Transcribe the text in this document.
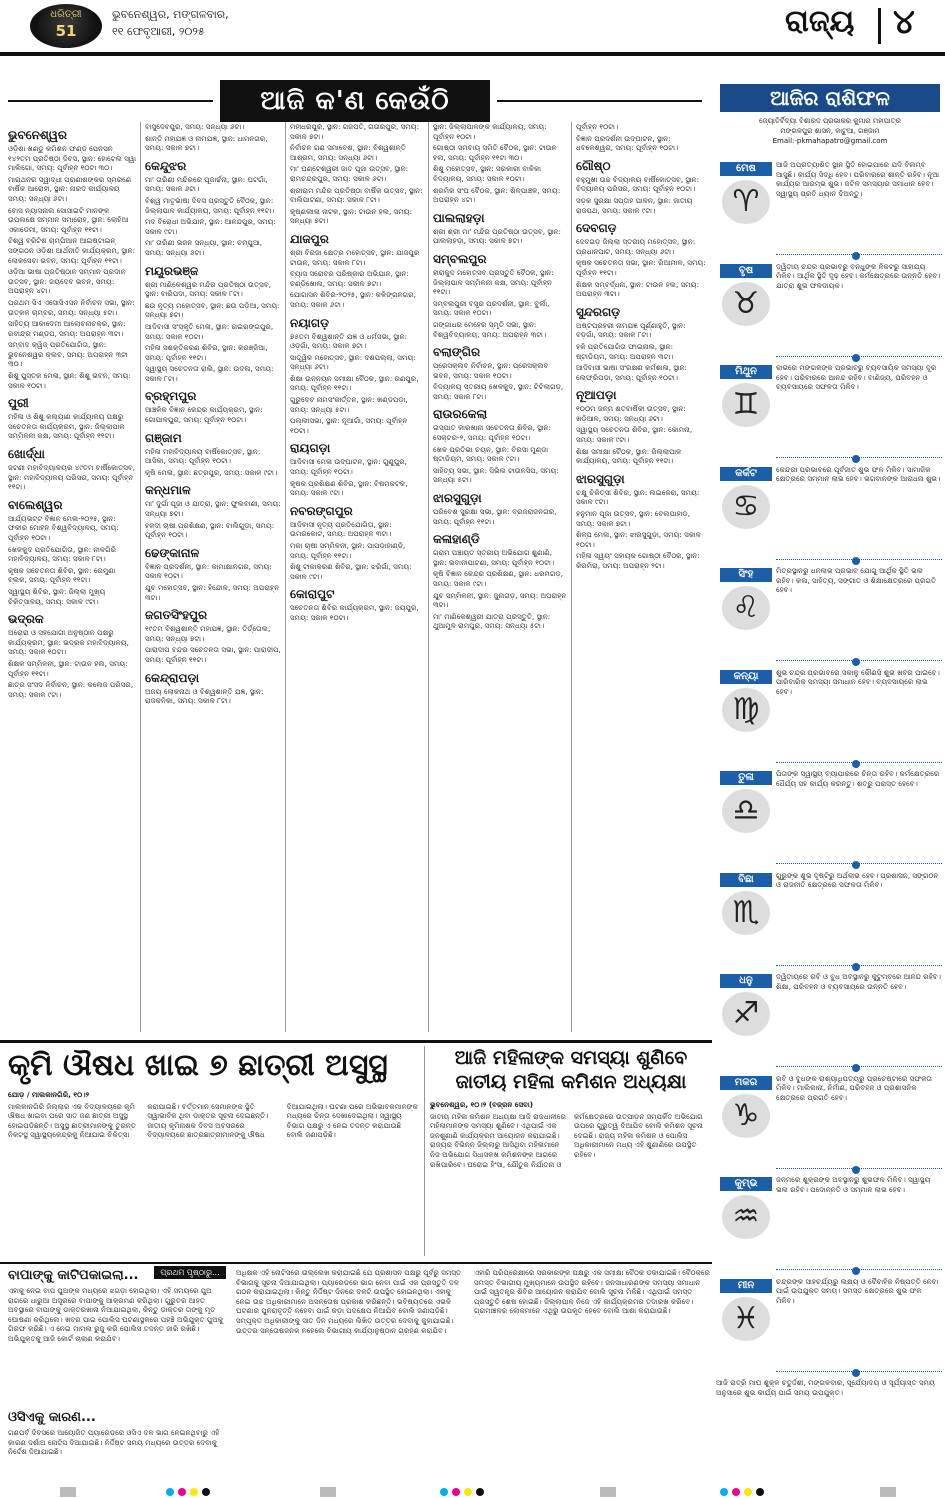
ଧରିତ୍ରୀ
51
ଭୁବନେଶ୍ୱର, ମଙ୍ଗଳବାର,
୧୧ ଫେବୃଆରୀ, ୨୦୨୫	ରାଜ୍ୟ ୪
ଆଜି କ'ଣ କେଉଁଠି
ଭୁବନେଶ୍ୱର

ଓଡ଼ିଶା ଖଣ୍ଡୁ କମିଶନ ଫଣ୍ଡ ପେନସନ ୧୪୨ତମ ପ୍ରତିଷ୍ଠା ଦିବସ, ସ୍ଥାନ: ହୋଟେଲ ସ୍ୱା ମାଲିଗୋ, ସମୟ: ପୂର୍ବାହ୍ନ ୧୦ଟା ୩୦।

ମାରାଥନର ସ୍ୱାଦ୍ଧୀ ପ୍ରାଣୀଶଙ୍କର ସ୍ମରଣେ ବାର୍ଷିକ ଆରୋହୀ, ସ୍ଥାନ: ନାରଦ କାର୍ଯ୍ୟାଳୟ ସମୟ: ସନ୍ଧ୍ୟା ୬ଟା।

ବୋସ ନ୍ୟାସନାଲ ସୋସାଇଟି ମାନଙ୍କ ଉପଲକ୍ଷେ ସମ୍ମାନ ସମାରୋହ, ସ୍ଥାନ: ଲୋହିଆ ଏକାଡେମୀ, ସମୟ: ପୂର୍ବାହ୍ନ ୧୧ଟା।

ବିଶ୍ୱ ବ୍ରିଟିଶ ଚାମ୍ପିଆନ ଆଇଷ୍ଟାଇନ୍ ସଙ୍ଗଠନ ଓଡ଼ିଶା ଆର୍ଥନୀତି କାର୍ଯ୍ୟକ୍ରମ, ସ୍ଥାନ: ଲୋକସେବା ଭବନ, ସମୟ: ପୂର୍ବାହ୍ନ ୧୧ଟା।

ଓଡ଼ିଆ ଭାଷା ପ୍ରତିଷ୍ଠାନ ସମ୍ମାନ ପ୍ରଦାନ ଉତ୍ସବ, ସ୍ଥାନ: ଜୟଦେବ ଭବନ, ସମୟ: ଅପରାହ୍ନ ୪ଟା।

ପ୍ରଥମ ସିଏ ଏସୋସିଏସନ ନିର୍ବାଚନ ସଭା, ସ୍ଥାନ: ଉତ୍କଳ ଚାମ୍ବର, ସମୟ: ସନ୍ଧ୍ୟା ୫ଟା।

ସାହିତ୍ୟ ଆକାଦେମୀ ଆଲୋଚନାଚକ୍ର, ସ୍ଥାନ: ରବୀନ୍ଦ୍ର ମଣ୍ଡପ, ସମୟ: ଅପରାହ୍ନ ୩ଟା।

ସମ୍ବାଦ କ୍ୱିଜ୍ ପ୍ରତିଯୋଗିତା, ସ୍ଥାନ: ଭୁବନେଶ୍ୱର କ୍ଲବ, ସମୟ: ଅପରାହ୍ନ ୩ଟା ୩୦।

ଶିଶୁ ପୁସ୍ତକ ମେଳା, ସ୍ଥାନ: ଶିଶୁ ଭବନ, ସମୟ: ସକାଳ ୧୦ଟା।

ପୁରୀ

ମହିଳା ଓ ଶିଶୁ କଲ୍ୟାଣ କାର୍ଯ୍ୟାଳୟ ପକ୍ଷରୁ ସଚେତନତା କାର୍ଯ୍ୟକ୍ରମ, ସ୍ଥାନ: ଜିଲ୍ଲାପାଳ ସମ୍ମିଳନୀ କକ୍ଷ, ସମୟ: ପୂର୍ବାହ୍ନ ୧୧ଟା।

ଖୋର୍ଦ୍ଧା

ଜଟଣୀ ମହାବିଦ୍ୟାଳୟର ୪୯ତମ ବାର୍ଷିକୋତ୍ସବ, ସ୍ଥାନ: ମହାବିଦ୍ୟାଳୟ ପରିସର, ସମୟ: ପୂର୍ବାହ୍ନ ୧୧ଟା।

ବାଲେଶ୍ୱର

ଆର୍ଯ୍ୟଭଟ୍ଟ ବିଜ୍ଞାନ ମେଳା-୨୦୨୫, ସ୍ଥାନ: ଫକୀର ମୋହନ ବିଶ୍ୱବିଦ୍ୟାଳୟ, ସମୟ: ପୂର୍ବାହ୍ନ ୧୦ଟା।

ଖେଳକୁଦ ପ୍ରତିଯୋଗିତା, ସ୍ଥାନ: ନୀଳଗିରି ମହାବିଦ୍ୟାଳୟ, ସମୟ: ସକାଳ ୮ଟା।

କୃଷକ ସଚେତନତା ଶିବିର, ସ୍ଥାନ: ରେମୁଣା ବ୍ଲକ, ସମୟ: ପୂର୍ବାହ୍ନ ୧୧ଟା।

ସ୍ୱାସ୍ଥ୍ୟ ଶିବିର, ସ୍ଥାନ: ଜିଲ୍ଲା ମୁଖ୍ୟ ଚିକିତ୍ସାଳୟ, ସମୟ: ସକାଳ ୯ଟା।

ଭଦ୍ରକ

ଅରୋରା ଓ ସହଯୋଗୀ ଅନୁଷ୍ଠାନ ପକ୍ଷରୁ କାର୍ଯ୍ୟକ୍ରମ, ସ୍ଥାନ: ଭଦ୍ରକ ମହାବିଦ୍ୟାଳୟ, ସମୟ: ସକାଳ ୧୦ଟା।

ଶିକ୍ଷକ ସମ୍ମିଳନୀ, ସ୍ଥାନ: ଟାଉନ ହଲ, ସମୟ: ପୂର୍ବାହ୍ନ ୧୧ଟା।

ଛାତ୍ର ସଂସଦ ନିର୍ବାଚନ, ସ୍ଥାନ: କଲେଜ ପରିସର, ସମୟ: ସକାଳ ୯ଟା।

ବାସୁଦେବପୁର, ସମୟ: ସନ୍ଧ୍ୟା ୬ଟା।

ଶାନ୍ତି ମହାଯଜ୍ଞ ଓ ନାମଯଜ୍ଞ, ସ୍ଥାନ: ଧାମନଗର, ସମୟ: ସକାଳ ୭ଟା।

କେନ୍ଦୁଝର

ମା' ତାରିଣୀ ମନ୍ଦିରରେ ପୂଜାର୍ଚ୍ଚନା, ସ୍ଥାନ: ଘଟଗାଁ, ସମୟ: ସକାଳ ୬ଟା।

ବିଶ୍ୱ ମାତୃଭାଷା ଦିବସ ପ୍ରସ୍ତୁତି ବୈଠକ, ସ୍ଥାନ: ଜିଲ୍ଲାପାଳ କାର୍ଯ୍ୟାଳୟ, ସମୟ: ପୂର୍ବାହ୍ନ ୧୧ଟା।

ମଦ ବିରୋଧୀ ଅଭିଯାନ, ସ୍ଥାନ: ଆନନ୍ଦପୁର, ସମୟ: ସକାଳ ୯ଟା।

ମା' ତାରିଣୀ ଭଜନ ସନ୍ଧ୍ୟା, ସ୍ଥାନ: ଚମ୍ପୁଆ, ସମୟ: ସନ୍ଧ୍ୟା ୬ଟା।

ମୟୂରଭଞ୍ଜ

ଶ୍ରୀ ମାଣିକେଶ୍ୱର ମନ୍ଦିର ପ୍ରତିଷ୍ଠା ଉତ୍ସବ, ସ୍ଥାନ: ବାରିପଦା, ସମୟ: ସକାଳ ୮ଟା।

ଛଉ ନୃତ୍ୟ ମହୋତ୍ସବ, ସ୍ଥାନ: ଛଉ ପଡ଼ିଆ, ସମୟ: ସନ୍ଧ୍ୟା ୭ଟା।

ଆଦିବାସୀ ସଂସ୍କୃତି ମେଳା, ସ୍ଥାନ: ରାଇରଙ୍ଗପୁର, ସମୟ: ସକାଳ ୧୦ଟା।

ମହିଳା ସଶକ୍ତିକରଣ ଶିବିର, ସ୍ଥାନ: କରଞ୍ଜିଆ, ସମୟ: ପୂର୍ବାହ୍ନ ୧୧ଟା।

ସ୍ୱାସ୍ଥ୍ୟ ସଚେତନତା ରାଲି, ସ୍ଥାନ: ଉଦଳା, ସମୟ: ସକାଳ ୮ଟା।

ବ୍ରହ୍ମପୁର

ଆଞ୍ଚଳିକ ବିଜ୍ଞାନ କେନ୍ଦ୍ର କାର୍ଯ୍ୟକ୍ରମ, ସ୍ଥାନ: ଗୋପାଳପୁର, ସମୟ: ପୂର୍ବାହ୍ନ ୧୦ଟା।

ଗଞ୍ଜାମ

ମହିଳା ମହାବିଦ୍ୟାଳୟ ବାର୍ଷିକୋତ୍ସବ, ସ୍ଥାନ: ଆସିକା, ସମୟ: ପୂର୍ବାହ୍ନ ୧୦ଟା।

କୃଷି ମେଳା, ସ୍ଥାନ: ଛତ୍ରପୁର, ସମୟ: ସକାଳ ୯ଟା।

କନ୍ଧମାଳ

ମା' ଦୁର୍ଗା ପୂଜା ଓ ଯାତ୍ରା, ସ୍ଥାନ: ଫୁଲବାଣୀ, ସମୟ: ସନ୍ଧ୍ୟା ୭ଟା।

ହଳଦୀ ଚାଷୀ ପ୍ରଶିକ୍ଷଣ, ସ୍ଥାନ: ବାଲିଗୁଡ଼ା, ସମୟ: ପୂର୍ବାହ୍ନ ୧୦ଟା।

ଢେଙ୍କାନାଳ

ବିଜ୍ଞାନ ପ୍ରଦର୍ଶନୀ, ସ୍ଥାନ: କାମାକ୍ଷାନଗର, ସମୟ: ସକାଳ ୧୦ଟା।

ଯୁବ ମହୋତ୍ସବ, ସ୍ଥାନ: ହିନ୍ଦୋଳ, ସମୟ: ଅପରାହ୍ନ ୩ଟା।

ଜଗତସିଂହପୁର

୧୯ତମ ବିଶ୍ୱଶାନ୍ତି ମହାଯଜ୍ଞ, ସ୍ଥାନ: ତିର୍ତ୍ତୋଲ, ସମୟ: ସନ୍ଧ୍ୟା ୭ଟା।

ପାରାଦୀପ ବନ୍ଦର ସଚେତନତା ସଭା, ସ୍ଥାନ: ପାରାଦୀପ, ସମୟ: ପୂର୍ବାହ୍ନ ୧୧ଟା।

କେନ୍ଦ୍ରାପଡ଼ା

ଅଜୟ ଲୋକନାଥ ଓ ବିଶ୍ୱଶାନ୍ତି ଯଜ୍ଞ, ସ୍ଥାନ: ରାଜକନିକା, ସମୟ: ସକାଳ ୮ଟା।

ମହୀଧରପୁର, ସ୍ଥାନ: ଗଜପତି, ଗଉରପୁର, ସମୟ: ସକାଳ ୭ଟା।

ନିର୍ବାଚନ ଗଣ ସମାବେଶ, ସ୍ଥାନ: ବିଶ୍ୱଶାନ୍ତି ଆଶ୍ରମ, ସମୟ: ସନ୍ଧ୍ୟା ୬ଟା।

ମା' ଘଣ୍ଟେଶ୍ୱରୀ ଜାତ ପୂଜା ଉତ୍ସବ, ସ୍ଥାନ: ରାମଚନ୍ଦ୍ରପୁର, ସମୟ: ସକାଳ ୬ଟା।

ଶ୍ରୀରାମ ମନ୍ଦିର ପ୍ରତିଷ୍ଠା ବାର୍ଷିକ ଉତ୍ସବ, ସ୍ଥାନ: ବାଲିପାଟଣା, ସମୟ: ସକାଳ ୮ଟା।

କୃଷ୍ଣଲୀଳା ନାଟକ, ସ୍ଥାନ: ଟାଉନ ହଲ, ସମୟ: ସନ୍ଧ୍ୟା ୭ଟା।

ଯାଜପୁର

ଶ୍ରୀ ବିରଜା କ୍ଷେତ୍ର ମହୋତ୍ସବ, ସ୍ଥାନ: ଯାଜପୁର ଟାଉନ, ସମୟ: ସକାଳ ୮ଟା।

ବ୍ୟାସ ସରୋବର ପରିଷ୍କାର ଅଭିଯାନ, ସ୍ଥାନ: ଚଣ୍ଡିଖୋଲ, ସମୟ: ସକାଳ ୭ଟା।

ଯୋଗାସନ ଶିବିର-୨୦୨୫, ସ୍ଥାନ: କଳିଙ୍ଗନଗର, ସମୟ: ସକାଳ ୬ଟା।

ନୟାଗଡ଼

୭୫ତମ ବିଶ୍ୱଶାନ୍ତି ଯଜ୍ଞ ଓ ଧର୍ମସଭା, ସ୍ଥାନ: ଓଡ଼଼ଗାଁ, ସମୟ: ସକାଳ ୭ଟା।

ସାତ୍ତ୍ୱିକ ମହୋତ୍ସବ, ସ୍ଥାନ: ଦଶପଲ୍ଲା, ସମୟ: ସନ୍ଧ୍ୟା ୬ଟା।

ଶିକ୍ଷା ଉନ୍ନୟନ ସମୀକ୍ଷା ବୈଠକ, ସ୍ଥାନ: ରଣପୁର, ସମୟ: ପୂର୍ବାହ୍ନ ୧୧ଟା।

ଗୁରୁଦେବ ନାମସଂକୀର୍ତ୍ତନ, ସ୍ଥାନ: ଖଣ୍ଡପଡ଼ା, ସମୟ: ସନ୍ଧ୍ୟା ୫ଟା।

ପଲ୍ଲୀସଭା, ସ୍ଥାନ: ନୂଆଗାଁ, ସମୟ: ପୂର୍ବାହ୍ନ ୧୦ଟା।

ରାୟଗଡ଼ା

ଆଦିବାସୀ ମେଳା ଉଦ୍‌ଘାଟନ, ସ୍ଥାନ: ଗୁଣୁପୁର, ସମୟ: ପୂର୍ବାହ୍ନ ୧୦ଟା।

କୃଷକ ପ୍ରଶିକ୍ଷଣ ଶିବିର, ସ୍ଥାନ: ବିଷମକଟକ, ସମୟ: ସକାଳ ୯ଟା।

ନବରଙ୍ଗପୁର

ଆଦିବାସୀ ନୃତ୍ୟ ପ୍ରତିଯୋଗିତା, ସ୍ଥାନ: ଉମରକୋଟ, ସମୟ: ଅପରାହ୍ନ ୩ଟା।

ମକା ଚାଷୀ ସମ୍ମିଳନୀ, ସ୍ଥାନ: ପାପଡ଼ାହାଣ୍ଡି, ସମୟ: ପୂର୍ବାହ୍ନ ୧୧ଟା।

ଶିଶୁ ଟୀକାକରଣ ଶିବିର, ସ୍ଥାନ: ଝରିଗାଁ, ସମୟ: ସକାଳ ୯ଟା।

କୋରାପୁଟ

ସଚେତନତା ଶିବିର କାର୍ଯ୍ୟକ୍ରମ, ସ୍ଥାନ: ଜୟପୁର, ସମୟ: ସକାଳ ୧୦ଟା।

ସ୍ଥାନ: ଜିଲ୍ଲାପାଳଙ୍କ କାର୍ଯ୍ୟାଳୟ, ସମୟ: ପୂର୍ବାହ୍ନ ୧୦ଟା।

ଗୋଷ୍ଠୀ ସମବାୟ ସମିତି ବୈଠକ, ସ୍ଥାନ: ଟାଉନ ହଲ, ସମୟ: ପୂର୍ବାହ୍ନ ୧୧ଟା ୩୦।

ଶିଶୁ ମହୋତ୍ସବ, ସ୍ଥାନ: ସରକାରୀ ବାଳିକା ବିଦ୍ୟାଳୟ, ସମୟ: ସକାଳ ୧୦ଟା।

ଶ୍ରମିକ ସଂଘ ବୈଠକ, ସ୍ଥାନ: ଶିଳ୍ପାଞ୍ଚଳ, ସମୟ: ଅପରାହ୍ନ ୪ଟା।

ପାଲଲାହଡ଼ା

ଶ୍ରୀ ଶ୍ରୀ ମା' ମନ୍ଦିର ପ୍ରତିଷ୍ଠା ଉତ୍ସବ, ସ୍ଥାନ: ପାଲଲାହଡ଼ା, ସମୟ: ସକାଳ ୭ଟା।

ସମ୍ବଲପୁର

ହୀରାକୁଦ ମହୋତ୍ସବ ପ୍ରସ୍ତୁତି ବୈଠକ, ସ୍ଥାନ: ଜିଲ୍ଲାପାଳ ସମ୍ମିଳନୀ କକ୍ଷ, ସମୟ: ପୂର୍ବାହ୍ନ ୧୧ଟା।

ସମ୍ବଲପୁରୀ ବସ୍ତ୍ର ପ୍ରଦର୍ଶନୀ, ସ୍ଥାନ: ବୁର୍ଲା, ସମୟ: ସକାଳ ୧୦ଟା।

ଗଙ୍ଗାଧର ମେହେର ସ୍ମୃତି ସଭା, ସ୍ଥାନ: ବିଶ୍ୱବିଦ୍ୟାଳୟ, ସମୟ: ଅପରାହ୍ନ ୩ଟା।

ବଲାଙ୍ଗିର

ପ୍ରେସକ୍ଲବ ନିର୍ବାଚନ, ସ୍ଥାନ: ପ୍ରେସକ୍ଲବ ଭବନ, ସମୟ: ସକାଳ ୧୦ଟା।

ବିଦ୍ୟାଳୟ ସ୍ତରୀୟ ଖେଳକୁଦ, ସ୍ଥାନ: ଟିଟିଲାଗଡ଼, ସମୟ: ସକାଳ ୮ଟା।

ରାଉରକେଲା

ଇସ୍ପାତ କାରଖାନା ସଚେତନତା ଶିବିର, ସ୍ଥାନ: ସେକ୍ଟର-୨, ସମୟ: ପୂର୍ବାହ୍ନ ୧୦ଟା।

ଖେଳ ପ୍ରତିଭା ଚୟନ, ସ୍ଥାନ: ବିରସା ମୁଣ୍ଡା ଷ୍ଟାଡିୟମ, ସମୟ: ସକାଳ ୯ଟା।

ସାହିତ୍ୟ ସଭା, ସ୍ଥାନ: ସିଭିଲ ଟାଉନସିପ, ସମୟ: ସନ୍ଧ୍ୟା ୫ଟା।

ଝାରସୁଗୁଡ଼ା

ପରିବେଶ ସୁରକ୍ଷା ସଭା, ସ୍ଥାନ: ବ୍ରଜରାଜନଗର, ସମୟ: ପୂର୍ବାହ୍ନ ୧୧ଟା।

କଳାହାଣ୍ଡି

ଗ୍ରାମ ପଞ୍ଚାୟତ ସ୍ତରୀୟ ଅଭିଯୋଗ ଶୁଣାଣି, ସ୍ଥାନ: ଭବାନୀପାଟଣା, ସମୟ: ପୂର୍ବାହ୍ନ ୧୦ଟା।

କୃଷି ବିଜ୍ଞାନ କେନ୍ଦ୍ର ପ୍ରଶିକ୍ଷଣ, ସ୍ଥାନ: ଧରମଗଡ଼, ସମୟ: ସକାଳ ୯ଟା।

ଯୁବ ସମ୍ମିଳନୀ, ସ୍ଥାନ: ଜୁନାଗଡ଼, ସମୟ: ଅପରାହ୍ନ ୩ଟା।

ମା' ମାଣିକେଶ୍ୱରୀ ଯାତ୍ରା ପ୍ରସ୍ତୁତି, ସ୍ଥାନ: ଥୁଆମୁଳ ରାମପୁର, ସମୟ: ସନ୍ଧ୍ୟା ୫ଟା।

ପୂର୍ବାହ୍ନ ୧୦ଟା।

ବିଜ୍ଞାନ ପ୍ରଦର୍ଶନୀ ଉଦ୍‌ଘାଟନ, ସ୍ଥାନ: ଧବଳେଶ୍ୱର, ସମୟ: ପୂର୍ବାହ୍ନ ୧୦ଟା।

ଗୌଷ୍ଠ

ବହୁମୁଖୀ ଉଚ୍ଚ ବିଦ୍ୟାଳୟ ବାର୍ଷିକୋତ୍ସବ, ସ୍ଥାନ: ବିଦ୍ୟାଳୟ ପରିସର, ସମୟ: ପୂର୍ବାହ୍ନ ୧୦ଟା।

ସଡ଼କ ସୁରକ୍ଷା ସପ୍ତାହ ପାଳନ, ସ୍ଥାନ: ଜାତୀୟ ରାଜପଥ, ସମୟ: ସକାଳ ୯ଟା।

ଦେବଗଡ଼

ଦେବଗଡ଼ ଜିଲ୍ଲା ସ୍ତରୀୟ ମହୋତ୍ସବ, ସ୍ଥାନ: ପ୍ରଧାନପାଟ, ସମୟ: ସନ୍ଧ୍ୟା ୬ଟା।

କୃଷକ ସଚେତନତା ସଭା, ସ୍ଥାନ: ରିଆମାଳ, ସମୟ: ପୂର୍ବାହ୍ନ ୧୧ଟା।

ଶିକ୍ଷକ ସମ୍ବର୍ଦ୍ଧନା, ସ୍ଥାନ: ଟାଉନ ହଲ, ସମୟ: ଅପରାହ୍ନ ୩ଟା।

ସୁନ୍ଦରଗଡ଼

ଅଷ୍ଟପ୍ରହରୀ ନାମଯଜ୍ଞ ପୂର୍ଣ୍ଣାହୁତି, ସ୍ଥାନ: ବଡ଼ଗାଁ, ସମୟ: ସକାଳ ୮ଟା।

ହକି ପ୍ରତିଯୋଗିତା ଫାଇନାଲ, ସ୍ଥାନ: ଷ୍ଟାଡିୟମ, ସମୟ: ଅପରାହ୍ନ ୩ଟା।

ଆଦିବାସୀ ଭାଷା ସଂରକ୍ଷଣ କର୍ମଶାଳା, ସ୍ଥାନ: ଲେଫ୍ରିପଡ଼ା, ସମୟ: ପୂର୍ବାହ୍ନ ୧୦ଟା।

ନୂଆପଡ଼ା

୧୦୦ମ ଜନ୍ମ ଶତବାର୍ଷିକୀ ଉତ୍ସବ, ସ୍ଥାନ: ଖଡ଼ିଆଳ, ସମୟ: ସନ୍ଧ୍ୟା ୬ଟା।

ସ୍ୱାସ୍ଥ୍ୟ ସଚେତନତା ଶିବିର, ସ୍ଥାନ: କୋମନା, ସମୟ: ସକାଳ ୯ଟା।

ଶିକ୍ଷା ସମୀକ୍ଷା ବୈଠକ, ସ୍ଥାନ: ଜିଲ୍ଲାପାଳ କାର୍ଯ୍ୟାଳୟ, ସମୟ: ପୂର୍ବାହ୍ନ ୧୧ଟା।

ଝାରସୁଗୁଡ଼ା

ଚକ୍ଷୁ ଚିକିତ୍ସା ଶିବିର, ସ୍ଥାନ: ଲଇକେରା, ସମୟ: ସକାଳ ୯ଟା।

ହନୁମାନ ପୂଜା ଉତ୍ସବ, ସ୍ଥାନ: ବେଲପାହାଡ଼, ସମୟ: ସକାଳ ୭ଟା।

ଶିଳ୍ପ ମେଳା, ସ୍ଥାନ: ଝାରସୁଗୁଡ଼ା, ସମୟ: ସକାଳ ୧୦ଟା।

ମହିଳା ସ୍ୱୟଂ ସହାୟକ ଗୋଷ୍ଠୀ ବୈଠକ, ସ୍ଥାନ: କିରମିରା, ସମୟ: ଅପରାହ୍ନ ୨ଟା।

ଆଜିର ରାଶିଫଳ
ଜ୍ୟୋତିର୍ବିଦ୍ୟା ବିଶାରଦ ପ୍ରଭାକର କୁମାର ମହାପାତ୍ର
ମଙ୍ଗଳପୁର ଶାସନ, କାଟୁଆ, ଗଞ୍ଜାମ
Email:-pkmahapatro@gmail.com
ମେଷ
♈
ଆଜି ଅପ୍ରତ୍ୟାଶିତ ସ୍ଥାନ ସ୍ଥିତି ହୋଇପାରେ ଯଦି ବିଲମ୍ବ ଆସୁଛି। କାର୍ଯ୍ୟ ସିଦ୍ଧି ହେବ। ପରିବାରରେ ଶାନ୍ତି ରହିବ। ନୂଆ କାର୍ଯ୍ୟର ଆରମ୍ଭ ଶୁଭ। ଜଟିଳ ସମସ୍ୟାର ସମାଧାନ ହେବ। ସ୍ୱାସ୍ଥ୍ୟ ପ୍ରତି ଧ୍ୟାନ ଦିଅନ୍ତୁ।
ବୃଷ
♉
ଦ୍ୱିତୀୟ ଚନ୍ଦ୍ର ପ୍ରଭାବରୁ ବନ୍ଧୁଙ୍କ ନିକଟରୁ ସାହାଯ୍ୟ ମିଳିବ। ଆର୍ଥିକ ସ୍ଥିତି ଦୃଢ଼ ହେବ। କର୍ମକ୍ଷେତ୍ରରେ ଉନ୍ନତି ହେବ। ଯାତ୍ରା ଶୁଭ ଫଳଦାୟକ।
ମିଥୁନ
♊
ଲାଭରେ ମଙ୍ଗଳଙ୍କ ପ୍ରଭାବରୁ ବ୍ୟବସାୟିକ ସମସ୍ୟା ଦୂର ହେବ। ପରିବାରରେ ଆନନ୍ଦ ରହିବ। ବାଣିଜ୍ୟ, ପରିବହନ ଓ ବ୍ୟବସାୟରେ ସଫଳତା ମିଳିବ।
କର୍କଟ
♋
କେନ୍ଦ୍ରୀ ପ୍ରଭାବରେ ପୂର୍ବଜାତ ଶୁଭ ଫଳ ମିଳିବ। ସାମାଜିକ କ୍ଷେତ୍ରରେ ସମ୍ମାନ ଲାଭ ହେବ। ଭଗବାନଙ୍କ ଆରାଧନା ଶୁଭ।
ସିଂହ
♌
ମିତ୍ରସ୍ଥାନରୁ ଧନଲାଭ ପ୍ରଭାବ ଯୋଗୁ ଆର୍ଥିକ ସ୍ଥିତି ଭଲ ରହିବ। କଳା, ସାହିତ୍ୟ, ସଙ୍ଗୀତ ଓ ଶିକ୍ଷାକ୍ଷେତ୍ରରେ ପ୍ରଗତି ହେବ।
କନ୍ୟା
♍
ଶୁଭ ଚନ୍ଦ୍ର ପ୍ରଭାବରେ ସକାଳୁ କୌଣସି ଶୁଭ ଖବର ପାଇବେ। ପାରିବାରିକ ସମସ୍ୟା ସମାଧାନ ହେବ। ବ୍ୟବସାୟରେ ଲାଭ ହେବ।
ତୁଳା
♎
ପିତାଙ୍କ ସ୍ୱାସ୍ଥ୍ୟ ବ୍ୟାପାରରେ ଚିନ୍ତା ରହିବ। କର୍ମକ୍ଷେତ୍ରରେ ଧୈର୍ଯ୍ୟ ସହ କାର୍ଯ୍ୟ କରନ୍ତୁ। ଶତ୍ରୁ ପରାସ୍ତ ହେବେ।
ବିଛା
♏
ଗୁରୁଙ୍କ ଶୁଭ ଦୃଷ୍ଟିରୁ ଅର୍ଥଲାଭ ହେବ। ପ୍ରଶାସନ, ସଙ୍ଗଠନ ଓ ରାଜନୀତି କ୍ଷେତ୍ରରେ ସଫଳତା ମିଳିବ।
ଧନୁ
♐
ଦ୍ୱିତୀୟରେ ରବି ଓ ବୁଧ ଅବସ୍ଥାନରୁ କୁଟୁମ୍ବରେ ଆନନ୍ଦ ରହିବ। ଶିକ୍ଷା, ପରିବହନ ଓ ବ୍ୟବସାୟରେ ଉନ୍ନତି ହେବ।
ମକର
♑
ରବି ଓ ବୁଧଙ୍କ ରାଶ୍ୟାଧିପତ୍ୟରୁ ପ୍ରଚେଷ୍ଟାରେ ସଫଳତା ମିଳିବ। ମାଲିକାନା, ନିର୍ମାଣ, ପରିବହନ ଓ ପ୍ରଶାସନିକ କ୍ଷେତ୍ରରେ ପ୍ରଗତି ହେବ।
କୁମ୍ଭ
♒
ଜନ୍ମରେ ଶୁକ୍ରଙ୍କ ଅବସ୍ଥାନରୁ ଶୁଭଫଳ ମିଳିବ। ସ୍ୱାସ୍ଥ୍ୟ ଭଲ ରହିବ। ପଦୋନ୍ନତି ଓ ସମ୍ମାନ ଲାଭ ହେବ।
ମୀନ
♓
ଚନ୍ଦ୍ରଙ୍କ ସାହଚର୍ଯ୍ୟରୁ ଲକ୍ଷ୍ୟ ଓ ବୈବାହିକ ନିଷ୍ପତ୍ତି ନେବା ପାଇଁ ଉପଯୁକ୍ତ ସମୟ। ସମସ୍ତ କ୍ଷେତ୍ରରେ ଶୁଭ ଫଳ ମିଳିବ।
ଆଜି ରାତ୍ରି ମାଘ ଶୁକ୍ଳ ଚତୁର୍ଦ୍ଦଶୀ, ମଙ୍ଗଳବାର, ସୂର୍ଯ୍ୟୋଦୟ ଓ ସୂର୍ଯ୍ୟାସ୍ତ ସମୟ ଅନୁସାରେ ଶୁଭ କାର୍ଯ୍ୟ ପାଇଁ ସମୟ ଉପଯୁକ୍ତ।
କୃମି ଔଷଧ ଖାଇ ୭ ଛାତ୍ରୀ ଅସୁସ୍ଥ	ଆଜି ମହିଳାଙ୍କ ସମସ୍ୟା ଶୁଣିବେ ଜାତୀୟ ମହିଳା କମିଶନ ଅଧ୍ୟକ୍ଷା
ଯୋଡ଼ / ମାଲକାନଗିରି, ୧୦।୨
ମାଲକାନଗିରି ଜିଲ୍ଲାର ଏକ ବିଦ୍ୟାଳୟରେ କୃମି ଔଷଧ ଖାଇବା ପରେ ସାତ ଜଣ ଛାତ୍ରୀ ଅସୁସ୍ଥ ହୋଇପଡ଼ିଛନ୍ତି। ଅସୁସ୍ଥ ଛାତ୍ରୀମାନଙ୍କୁ ତୁରନ୍ତ ନିକଟସ୍ଥ ସ୍ୱାସ୍ଥ୍ୟକେନ୍ଦ୍ରକୁ ନିଆଯାଇ ଚିକିତ୍ସା କରାଯାଇଛି। ବର୍ତ୍ତମାନ ସେମାନଙ୍କ ସ୍ଥିତି ସ୍ୱାଭାବିକ ଥିବା ଡାକ୍ତର ସୂଚନା ଦେଇଛନ୍ତି। ଜାତୀୟ କୃମିନାଶକ ଦିବସ ଅବସରରେ ବିଦ୍ୟାଳୟରେ ଛାତ୍ରଛାତ୍ରୀମାନଙ୍କୁ ଔଷଧ ଦିଆଯାଇଥିଲା। ଘଟଣା ପରେ ଅଭିଭାବକମାନଙ୍କ ମଧ୍ୟରେ ଚିନ୍ତା ଦେଖାଦେଇଥିଲା। ସ୍ୱାସ୍ଥ୍ୟ ବିଭାଗ ପକ୍ଷରୁ ଏ ନେଇ ତଦନ୍ତ କରାଯାଉଛି ବୋଲି ଜଣାପଡ଼ିଛି।
ଭୁବନେଶ୍ୱର, ୧୦।୨ (ବଜ୍ରନ ସେବା)
ଜାତୀୟ ମହିଳା କମିଶନ ଅଧ୍ୟକ୍ଷା ଆଜି ରାଜଧାନୀରେ ମହିଳାମାନଙ୍କ ସମସ୍ୟା ଶୁଣିବେ। ଏଥିପାଇଁ ଏକ ଜନଶୁଣାଣି କାର୍ଯ୍ୟକ୍ରମ ଆୟୋଜନ କରାଯାଇଛି। ରାଜ୍ୟର ବିଭିନ୍ନ ଜିଲ୍ଲାରୁ ଆସିଥିବା ମହିଳାମାନେ ନିଜ ଅଭିଯୋଗ ସିଧାସଳଖ କମିଶନଙ୍କ ଆଗରେ ରଖିପାରିବେ। ଘରୋଇ ହିଂସା, ଯୌତୁକ ନିର୍ଯାତନା ଓ କର୍ମକ୍ଷେତ୍ରରେ ଉତ୍ପୀଡ଼ନ ସମ୍ପର୍କିତ ଅଭିଯୋଗ ଉପରେ ଗୁରୁତ୍ୱ ଦିଆଯିବ ବୋଲି କମିଶନ ସୂଚନା ଦେଇଛି। ରାଜ୍ୟ ମହିଳା କମିଶନ ଓ ପୋଲିସ ଅଧିକାରୀମାନେ ମଧ୍ୟ ଏହି ଶୁଣାଣିରେ ଉପସ୍ଥିତ ରହିବେ।
ବାପାଙ୍କୁ କାଟିପକାଇଲା...	ପ୍ରଥମ ପୃଷ୍ଠାରୁ...
ଏହାକୁ ନେଇ ବାପ ପୁଅଙ୍କ ମଧ୍ୟରେ ଝଗଡ଼ା ହୋଇଥିଲା। ଏହି ସମୟରେ ପୁଅ ରାଗରେ ଧାରୁଆ ଅସ୍ତ୍ରରେ ବାପାଙ୍କୁ ଆକ୍ରମଣ କରିଥିଲା। ଗୁରୁତର ଆହତ ଅବସ୍ଥାରେ ବାପାଙ୍କୁ ଡାକ୍ତରଖାନା ନିଆଯାଇଥିଲା, କିନ୍ତୁ ଡାକ୍ତର ତାଙ୍କୁ ମୃତ ଘୋଷଣା କରିଥିଲେ। ଖବର ପାଇ ପୋଲିସ ଘଟଣାସ୍ଥଳରେ ପହଞ୍ଚି ଅଭିଯୁକ୍ତ ପୁଅକୁ ଗିରଫ କରିଛି। ଏ ନେଇ ମାମଲା ରୁଜୁ କରି ପୋଲିସ ତଦନ୍ତ ଜାରି ରଖିଛି। ଅଭିଯୁକ୍ତକୁ ଆଜି କୋର୍ଟ ଚାଲାଣ କରାଯିବ।
ଓସିଏକୁ କାରଣ...
ଗଣପର୍ବ ଦିବସରେ ଆୟୋଜିତ ପ୍ୟାରେଡରେ ଓସିଏ ଦଳ ଭାଗ ନେଇନଥିବାରୁ ଏହି କାରଣ ଦର୍ଶାଅ ନୋଟିସ ଦିଆଯାଇଛି। ନିର୍ଦ୍ଦିଷ୍ଟ ସମୟ ମଧ୍ୟରେ ଉତ୍ତର ଦେବାକୁ ନିର୍ଦ୍ଦେଶ ଦିଆଯାଇଛି।
ଅଧିକ୍ଷକ ଏହି ନୋଟିସରେ ଉଲ୍ଲେଖ କରାଯାଇଛି ଯେ ପ୍ରଶାସନ ପକ୍ଷରୁ ପୂର୍ବରୁ ସମସ୍ତ ବିଭାଗକୁ ସୂଚନା ଦିଆଯାଇଥିଲା। ପ୍ୟାରେଡରେ ଭାଗ ନେବା ପାଇଁ ଏକ ପ୍ରସ୍ତୁତି ଦଳ ଗଠନ କରାଯାଇଥିଲା। କିନ୍ତୁ ନିର୍ଦ୍ଦିଷ୍ଟ ଦିନରେ ଦଳଟି ଉପସ୍ଥିତ ହୋଇନଥିଲା। ଏହାକୁ ନେଇ ଉଚ୍ଚ ଅଧିକାରୀମାନେ ଅସନ୍ତୋଷ ପ୍ରକାଶ କରିଛନ୍ତି। ଭବିଷ୍ୟତରେ ଏଭଳି ଘଟଣାର ପୁନରାବୃତ୍ତି ନହେବା ପାଇଁ କଡ଼ା ପଦକ୍ଷେପ ନିଆଯିବ ବୋଲି ଜଣାପଡ଼ିଛି। ସମ୍ପୃକ୍ତ ଅଧିକାରୀଙ୍କୁ ସାତ ଦିନ ମଧ୍ୟରେ ଲିଖିତ ଉତ୍ତର ଦେବାକୁ କୁହାଯାଇଛି। ଉତ୍ତର ସନ୍ତୋଷଜନକ ନହେଲେ ବିଭାଗୀୟ କାର୍ଯ୍ୟାନୁଷ୍ଠାନ ଗ୍ରହଣ କରାଯିବ।
ଏହାରି ପରିପ୍ରେକ୍ଷୀରେ ସରକାରଙ୍କ ପକ୍ଷରୁ ଏକ ସମୀକ୍ଷା ବୈଠକ ଡକାଯାଇଛି। ବୈଠକରେ ସମସ୍ତ ବିଭାଗୀୟ ମୁଖ୍ୟମାନେ ଉପସ୍ଥିତ ରହିବେ। ଜନସାଧାରଣଙ୍କ ସମସ୍ୟା ସମାଧାନ ପାଇଁ ସ୍ୱତନ୍ତ୍ର ଶିବିର ଆୟୋଜନ କରାଯିବ ବୋଲି ସୂଚନା ମିଳିଛି। ଏଥିପାଇଁ ସମସ୍ତ ପ୍ରସ୍ତୁତି ଶେଷ ହୋଇଛି। ଜିଲ୍ଲାପାଳ ନିଜେ ଏହି କାର୍ଯ୍ୟକ୍ରମର ତଦାରଖ କରିବେ। ଗ୍ରାମାଞ୍ଚଳର ଲୋକମାନେ ଏଥିରୁ ଉପକୃତ ହେବେ ବୋଲି ଆଶା କରାଯାଉଛି।
